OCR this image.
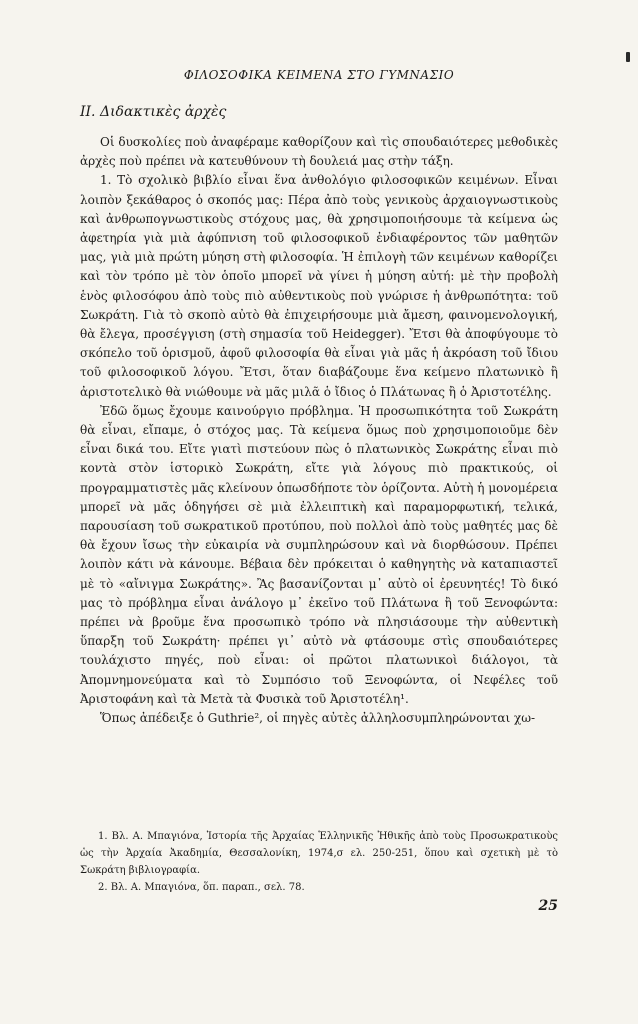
ΦΙΛΟΣΟΦΙΚΑ ΚΕΙΜΕΝΑ ΣΤΟ ΓΥΜΝΑΣΙΟ
ΙΙ. Διδακτικὲς ἀρχὲς

Οἱ δυσκολίες ποὺ ἀναφέραμε καθορίζουν καὶ τὶς σπουδαιότερες μεθοδικὲς ἀρχὲς ποὺ πρέπει νὰ κατευθύνουν τὴ δουλειά μας στὴν τάξη.

1. Τὸ σχολικὸ βιβλίο εἶναι ἕνα ἀνθολόγιο φιλοσοφικῶν κειμένων. Εἶναι λοιπὸν ξεκάθαρος ὁ σκοπός μας: Πέρα ἀπὸ τοὺς γενικοὺς ἀρχαιογνωστικοὺς καὶ ἀνθρωπογνωστικοὺς στόχους μας, θὰ χρησιμοποιήσουμε τὰ κείμενα ὡς ἀφετηρία γιὰ μιὰ ἀφύπνιση τοῦ φιλοσοφικοῦ ἐνδιαφέροντος τῶν μαθητῶν μας, γιὰ μιὰ πρώτη μύηση στὴ φιλοσοφία. Ἡ ἐπιλογὴ τῶν κειμένων καθορίζει καὶ τὸν τρόπο μὲ τὸν ὁποῖο μπορεῖ νὰ γίνει ἡ μύηση αὐτή: μὲ τὴν προβολὴ ἑνὸς φιλοσόφου ἀπὸ τοὺς πιὸ αὐθεντικοὺς ποὺ γνώρισε ἡ ἀνθρωπότητα: τοῦ Σωκράτη. Γιὰ τὸ σκοπὸ αὐτὸ θὰ ἐπιχειρήσουμε μιὰ ἄμεση, φαινομενολογική, θὰ ἔλεγα, προσέγγιση (στὴ σημασία τοῦ Heidegger). Ἔτσι θὰ ἀποφύγουμε τὸ σκόπελο τοῦ ὁρισμοῦ, ἀφοῦ φιλοσοφία θὰ εἶναι γιὰ μᾶς ἡ ἀκρόαση τοῦ ἴδιου τοῦ φιλοσοφικοῦ λόγου. Ἔτσι, ὅταν διαβάζουμε ἕνα κείμενο πλατωνικὸ ἢ ἀριστοτελικὸ θὰ νιώθουμε νὰ μᾶς μιλᾶ ὁ ἴδιος ὁ Πλάτωνας ἢ ὁ Ἀριστοτέλης.

Ἐδῶ ὅμως ἔχουμε καινούργιο πρόβλημα. Ἡ προσωπικότητα τοῦ Σωκράτη θὰ εἶναι, εἴπαμε, ὁ στόχος μας. Τὰ κείμενα ὅμως ποὺ χρησιμοποιοῦμε δὲν εἶναι δικά του. Εἴτε γιατὶ πιστεύουν πὼς ὁ πλατωνικὸς Σωκράτης εἶναι πιὸ κοντὰ στὸν ἱστορικὸ Σωκράτη, εἴτε γιὰ λόγους πιὸ πρακτικούς, οἱ προγραμματιστὲς μᾶς κλείνουν ὁπωσδήποτε τὸν ὁρίζοντα. Αὐτὴ ἡ μονομέρεια μπορεῖ νὰ μᾶς ὁδηγήσει σὲ μιὰ ἐλλειπτικὴ καὶ παραμορφωτική, τελικά, παρουσίαση τοῦ σωκρατικοῦ προτύπου, ποὺ πολλοὶ ἀπὸ τοὺς μαθητές μας δὲ θὰ ἔχουν ἴσως τὴν εὐκαιρία νὰ συμπληρώσουν καὶ νὰ διορθώσουν. Πρέπει λοιπὸν κάτι νὰ κάνουμε. Βέβαια δὲν πρόκειται ὁ καθηγητὴς νὰ καταπιαστεῖ μὲ τὸ «αἴνιγμα Σωκράτης». Ἂς βασανίζονται μ᾽ αὐτὸ οἱ ἐρευνητές! Τὸ δικό μας τὸ πρόβλημα εἶναι ἀνάλογο μ᾽ ἐκεῖνο τοῦ Πλάτωνα ἢ τοῦ Ξενοφώντα: πρέπει νὰ βροῦμε ἕνα προσωπικὸ τρόπο νὰ πλησιάσουμε τὴν αὐθεντικὴ ὕπαρξη τοῦ Σωκράτη· πρέπει γι᾽ αὐτὸ νὰ φτάσουμε στὶς σπουδαιότερες τουλάχιστο πηγές, ποὺ εἶναι: οἱ πρῶτοι πλατωνικοὶ διάλογοι, τὰ Ἀπομνημονεύματα καὶ τὸ Συμπόσιο τοῦ Ξενοφώντα, οἱ Νεφέλες τοῦ Ἀριστοφάνη καὶ τὰ Μετὰ τὰ Φυσικὰ τοῦ Ἀριστοτέλη¹.

Ὅπως ἀπέδειξε ὁ Guthrie², οἱ πηγὲς αὐτὲς ἀλληλοσυμπληρώνονται χω-

1. Βλ. Α. Μπαγιόνα, Ἱστορία τῆς Ἀρχαίας Ἑλληνικῆς Ἠθικῆς ἀπὸ τοὺς Προσωκρατικοὺς ὡς τὴν Ἀρχαία Ἀκαδημία, Θεσσαλονίκη, 1974,σ ελ. 250-251, ὅπου καὶ σχετικὴ μὲ τὸ Σωκράτη βιβλιογραφία.

2. Βλ. Α. Μπαγιόνα, ὅπ. παραπ., σελ. 78.

25
